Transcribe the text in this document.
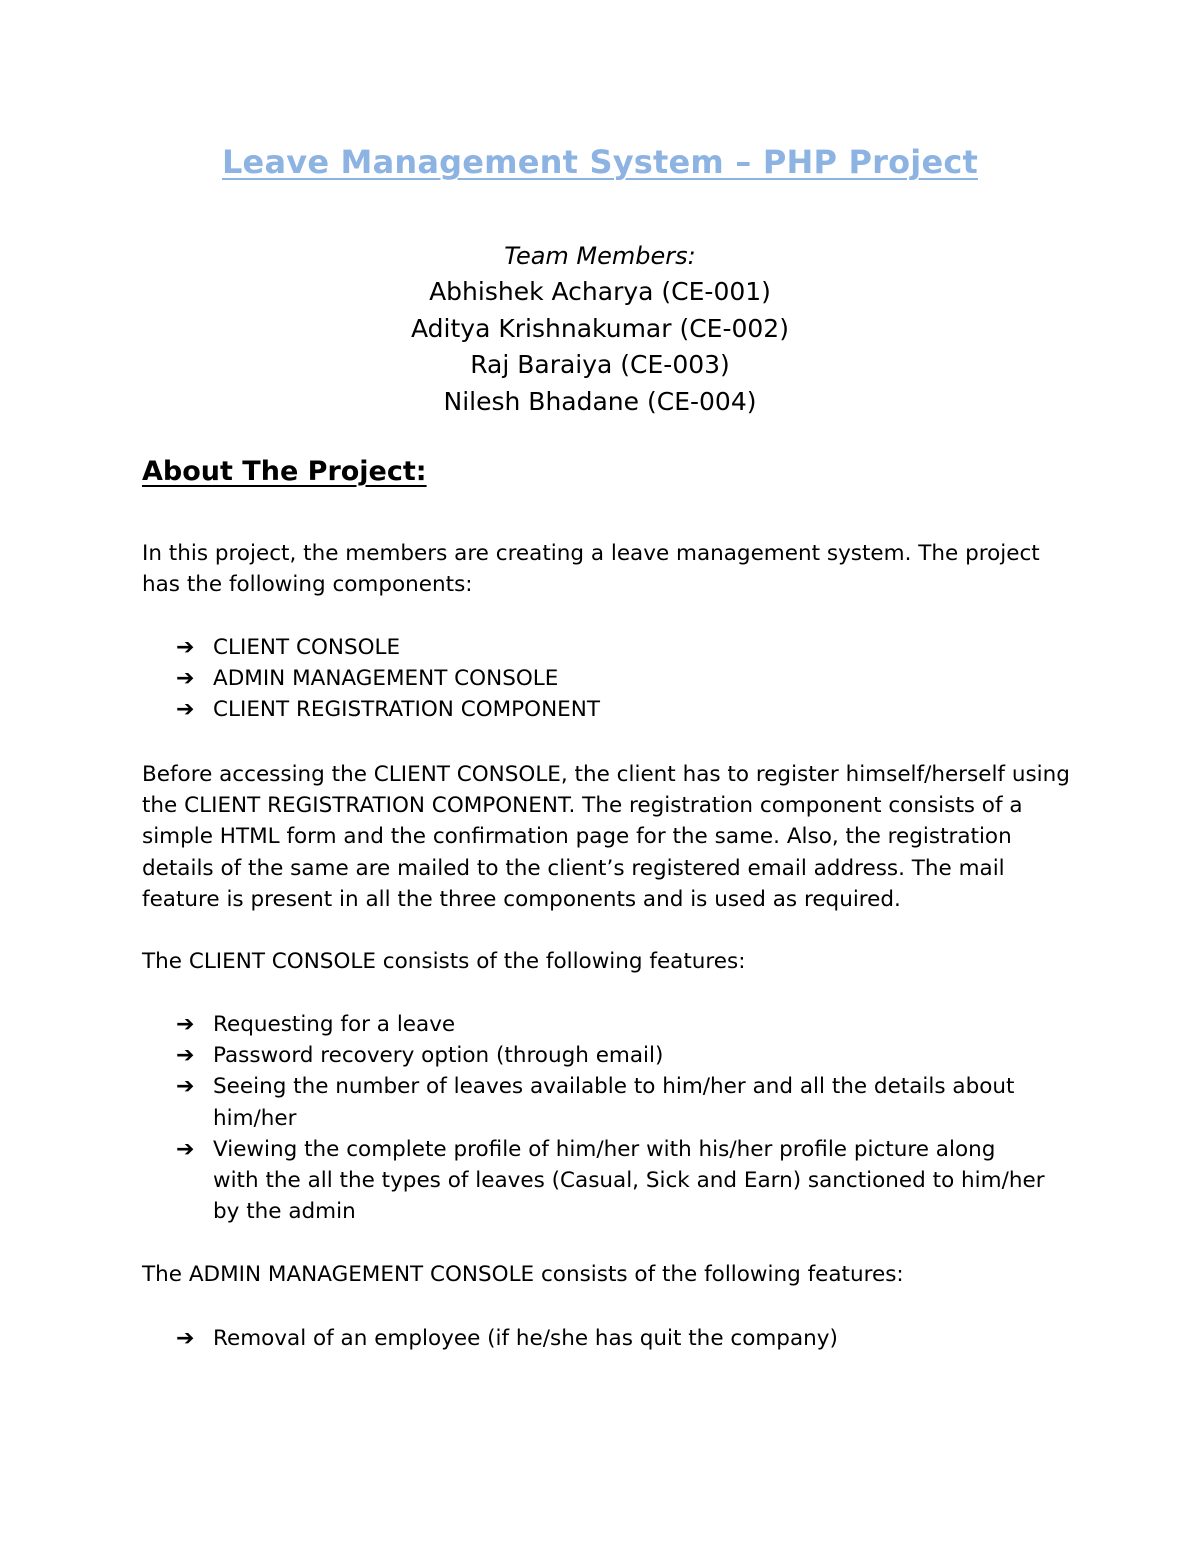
Leave Management System – PHP Project
Team Members:
Abhishek Acharya (CE-001)
Aditya Krishnakumar (CE-002)
Raj Baraiya (CE-003)
Nilesh Bhadane (CE-004)
About The Project:

In this project, the members are creating a leave management system. The project has the following components:

➔ CLIENT CONSOLE
➔ ADMIN MANAGEMENT CONSOLE
➔ CLIENT REGISTRATION COMPONENT

Before accessing the CLIENT CONSOLE, the client has to register himself/herself using the CLIENT REGISTRATION COMPONENT. The registration component consists of a simple HTML form and the confirmation page for the same. Also, the registration details of the same are mailed to the client’s registered email address. The mail feature is present in all the three components and is used as required.

The CLIENT CONSOLE consists of the following features:

➔ Requesting for a leave
➔ Password recovery option (through email)
➔ Seeing the number of leaves available to him/her and all the details about him/her
➔ Viewing the complete profile of him/her with his/her profile picture along with the all the types of leaves (Casual, Sick and Earn) sanctioned to him/her by the admin

The ADMIN MANAGEMENT CONSOLE consists of the following features:

➔ Removal of an employee (if he/she has quit the company)
